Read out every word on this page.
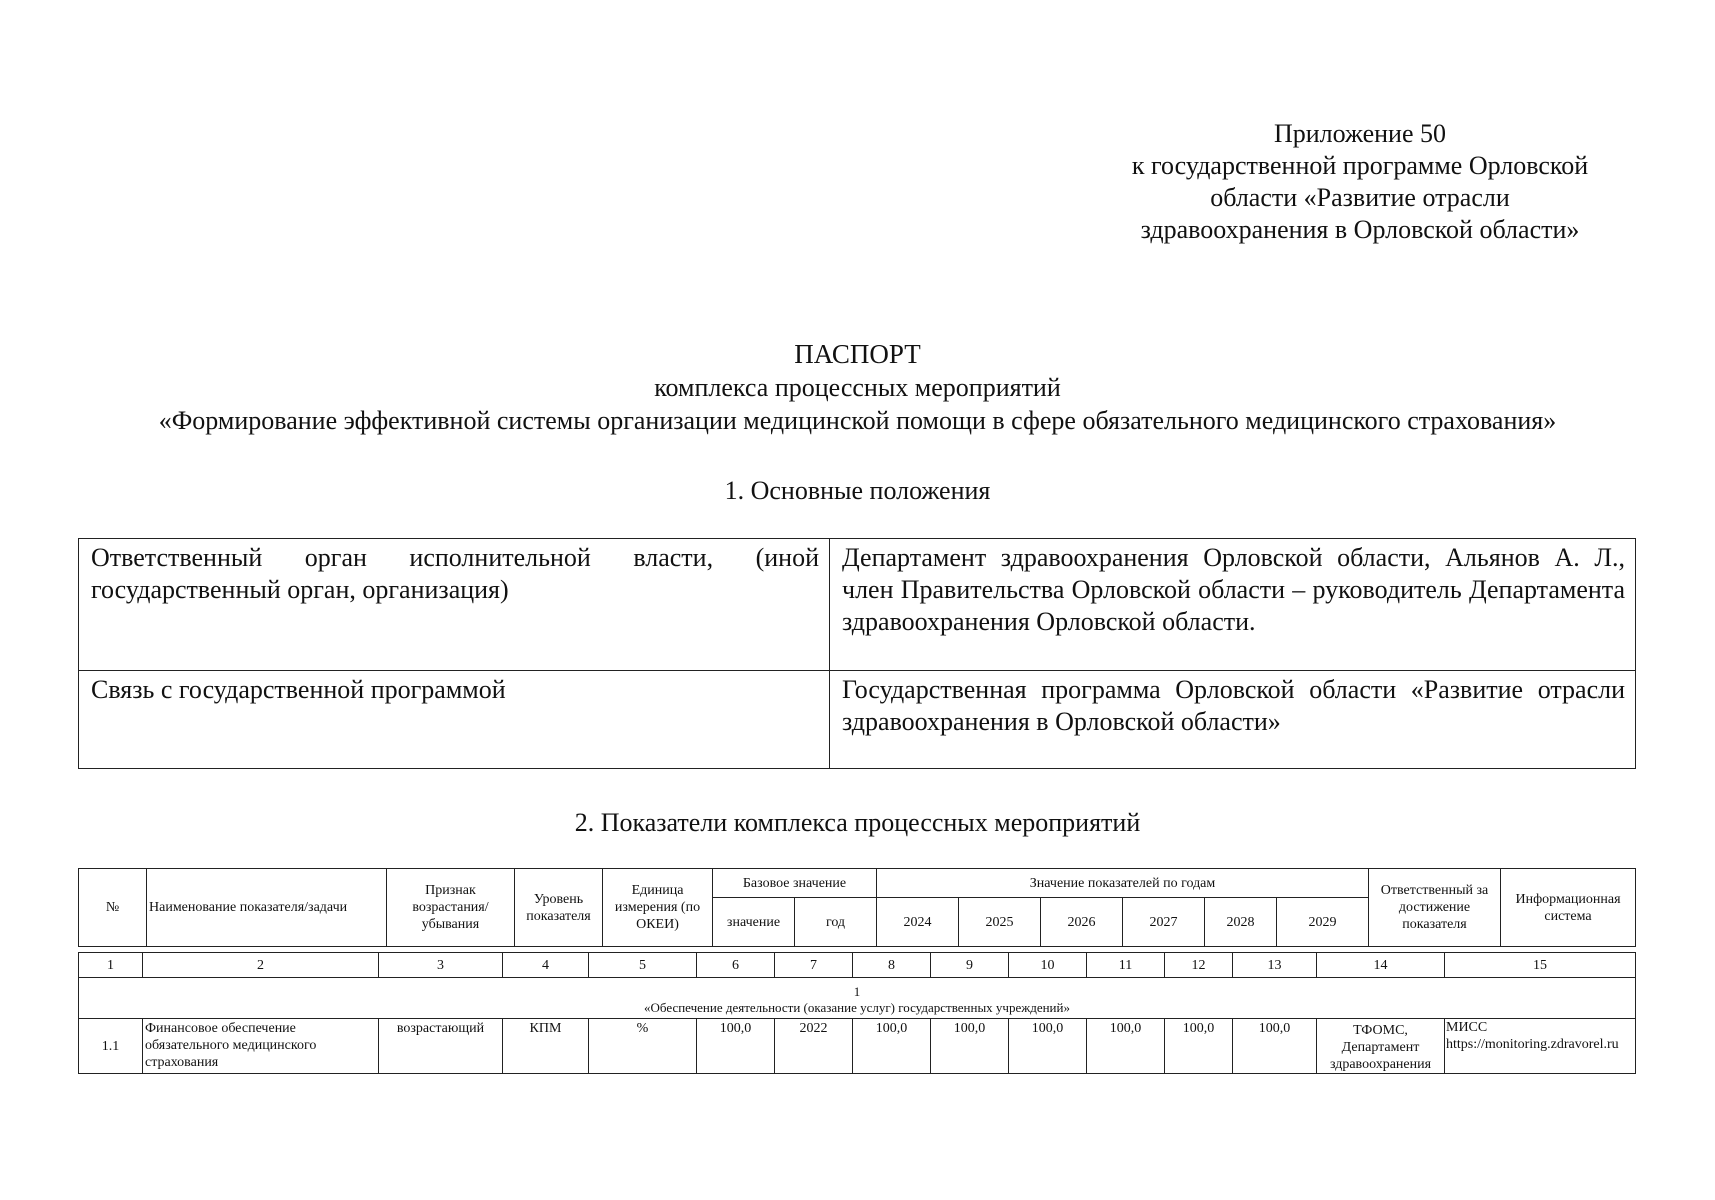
Приложение 50
к государственной программе Орловской
области «Развитие отрасли
здравоохранения в Орловской области»
ПАСПОРТ
комплекса процессных мероприятий
«Формирование эффективной системы организации медицинской помощи в сфере обязательного медицинского страхования»
1. Основные положения
Ответственный орган исполнительной власти, (иной государственный орган, организация)	Департамент здравоохранения Орловской области, Альянов А. Л., член Правительства Орловской области – руководитель Департамента здравоохранения Орловской области.
Связь с государственной программой	Государственная программа Орловской области «Развитие отрасли здравоохранения в Орловской области»
2. Показатели комплекса процессных мероприятий
№	Наименование показателя/задачи	Признак возрастания/ убывания	Уровень показателя	Единица измерения (по ОКЕИ)	Базовое значение		Значение показателей по годам						Ответственный за достижение показателя	Информационная система
					значение	год	2024	2025	2026	2027	2028	2029		
1	2	3	4	5	6	7	8	9	10	11	12	13	14	15

1
«Обеспечение деятельности (оказание услуг) государственных учреждений»														

1.1	Финансовое обеспечение обязательного медицинского страхования	возрастающий	КПМ	%	100,0	2022	100,0	100,0	100,0	100,0	100,0	100,0	ТФОМС, Департамент здравоохранения	МИСС
https://monitoring.zdravorel.ru
